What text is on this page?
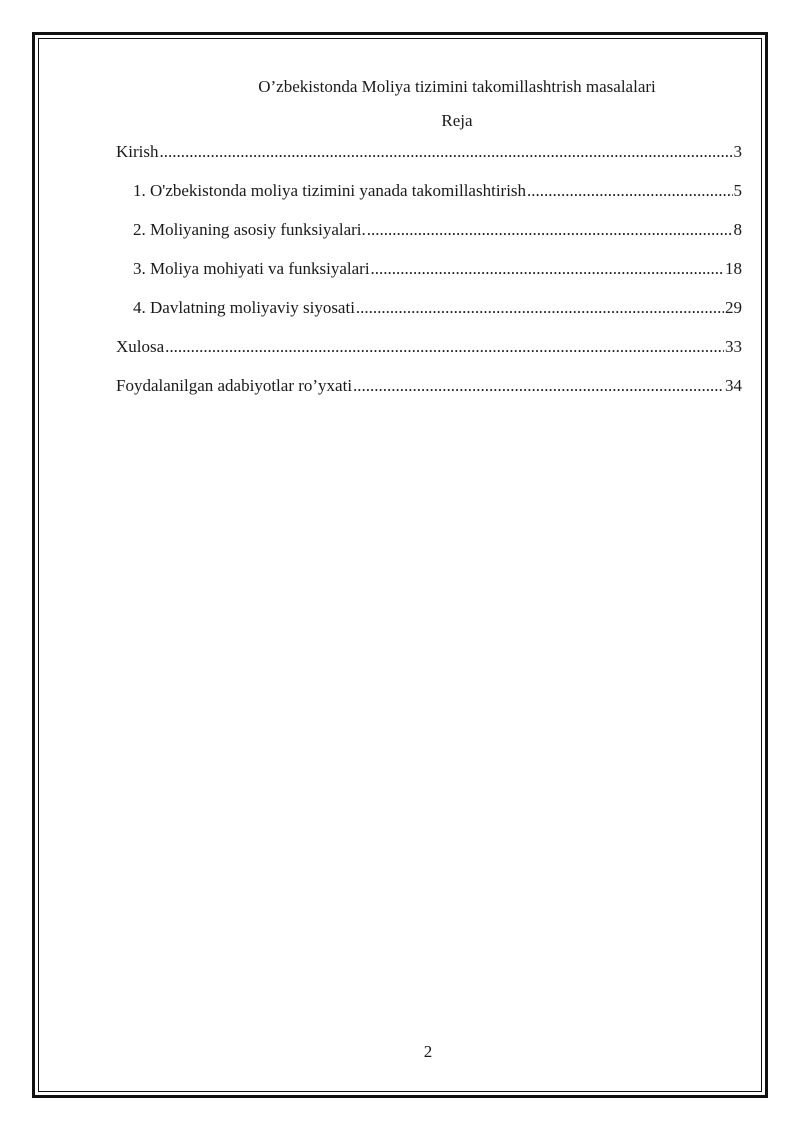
O’zbekistonda Moliya tizimini takomillashtrish masalalari
Reja
Kirish .....	3
1. O'zbekistonda moliya tizimini yanada takomillashtirish .....	5
2. Moliyaning asosiy funksiyalari. .....	8
3. Moliya mohiyati va funksiyalari .....	18
4. Davlatning moliyaviy siyosati .....	29
Xulosa .....	33
Foydalanilgan adabiyotlar ro’yxati .....	34
2
